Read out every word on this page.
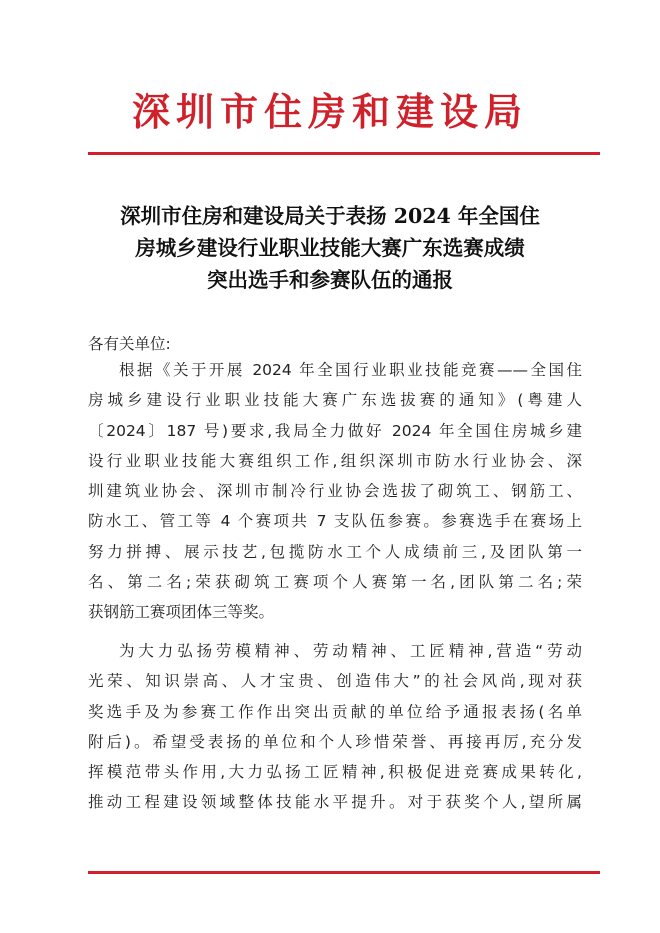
深圳市住房和建设局
深圳市住房和建设局关于表扬 2024 年全国住
房城乡建设行业职业技能大赛广东选赛成绩
突出选手和参赛队伍的通报
各有关单位:
根据《关于开展 2024 年全国行业职业技能竞赛——全国住
房城乡建设行业职业技能大赛广东选拔赛的通知》(粤建人
〔2024〕187 号)要求,我局全力做好 2024 年全国住房城乡建
设行业职业技能大赛组织工作,组织深圳市防水行业协会、深
圳建筑业协会、深圳市制冷行业协会选拔了砌筑工、钢筋工、
防水工、管工等 4 个赛项共 7 支队伍参赛。参赛选手在赛场上
努力拼搏、展示技艺,包揽防水工个人成绩前三,及团队第一
名、第二名;荣获砌筑工赛项个人赛第一名,团队第二名;荣
获钢筋工赛项团体三等奖。
为大力弘扬劳模精神、劳动精神、工匠精神,营造“劳动
光荣、知识崇高、人才宝贵、创造伟大”的社会风尚,现对获
奖选手及为参赛工作作出突出贡献的单位给予通报表扬(名单
附后)。希望受表扬的单位和个人珍惜荣誉、再接再厉,充分发
挥模范带头作用,大力弘扬工匠精神,积极促进竞赛成果转化,
推动工程建设领域整体技能水平提升。对于获奖个人,望所属
